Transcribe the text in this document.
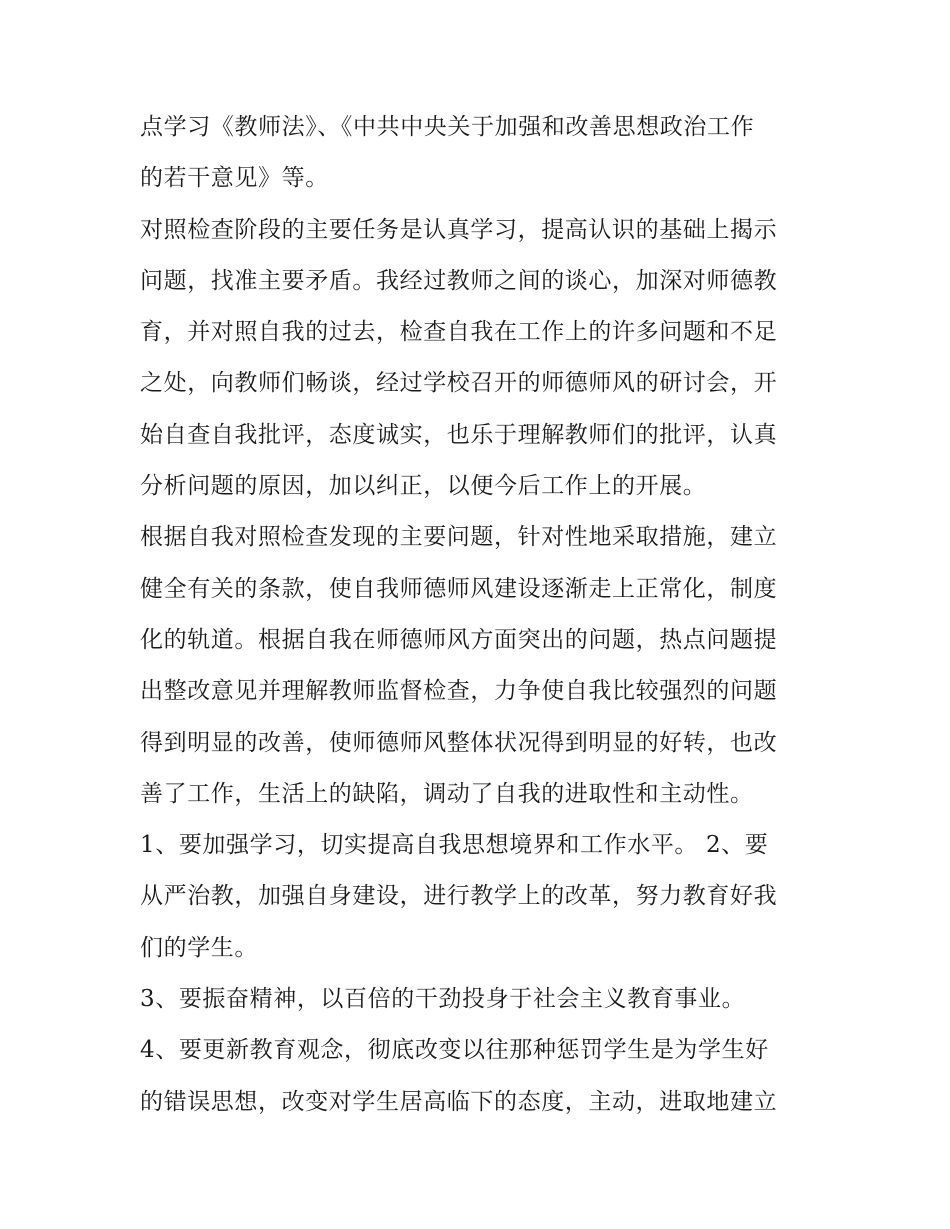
点学习《教师法》、《中共中央关于加强和改善思想政治工作
的若干意见》等。
对照检查阶段的主要任务是认真学习，提高认识的基础上揭示
问题，找准主要矛盾。我经过教师之间的谈心，加深对师德教
育，并对照自我的过去，检查自我在工作上的许多问题和不足
之处，向教师们畅谈，经过学校召开的师德师风的研讨会，开
始自查自我批评，态度诚实，也乐于理解教师们的批评，认真
分析问题的原因，加以纠正，以便今后工作上的开展。
根据自我对照检查发现的主要问题，针对性地采取措施，建立
健全有关的条款，使自我师德师风建设逐渐走上正常化，制度
化的轨道。根据自我在师德师风方面突出的问题，热点问题提
出整改意见并理解教师监督检查，力争使自我比较强烈的问题
得到明显的改善，使师德师风整体状况得到明显的好转，也改
善了工作，生活上的缺陷，调动了自我的进取性和主动性。
1、要加强学习，切实提高自我思想境界和工作水平。 2、要
从严治教，加强自身建设，进行教学上的改革，努力教育好我
们的学生。
3、要振奋精神，以百倍的干劲投身于社会主义教育事业。
4、要更新教育观念，彻底改变以往那种惩罚学生是为学生好
的错误思想，改变对学生居高临下的态度，主动，进取地建立
